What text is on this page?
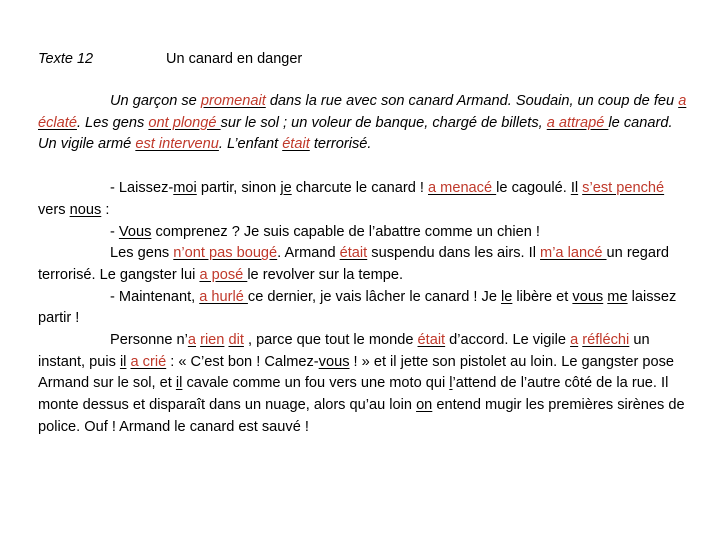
Texte 12	Un canard en danger

Un garçon se promenait dans la rue avec son canard Armand. Soudain, un coup de feu a éclaté. Les gens ont plongé sur le sol ; un voleur de banque, chargé de billets, a attrapé le canard. Un vigile armé est intervenu. L’enfant était terrorisé.

- Laissez-moi partir, sinon je charcute le canard ! a menacé le cagoulé. Il s’est penché vers nous :

- Vous comprenez ? Je suis capable de l’abattre comme un chien !

Les gens n’ont pas bougé. Armand était suspendu dans les airs. Il m’a lancé un regard terrorisé. Le gangster lui a posé le revolver sur la tempe.

- Maintenant, a hurlé ce dernier, je vais lâcher le canard ! Je le libère et vous me laissez partir !

Personne n’a rien dit , parce que tout le monde était d’accord. Le vigile a réfléchi un instant, puis il a crié : « C’est bon ! Calmez-vous ! » et il jette son pistolet au loin. Le gangster pose Armand sur le sol, et il cavale comme un fou vers une moto qui l’attend de l’autre côté de la rue. Il monte dessus et disparaît dans un nuage, alors qu’au loin on entend mugir les premières sirènes de police. Ouf ! Armand le canard est sauvé !
